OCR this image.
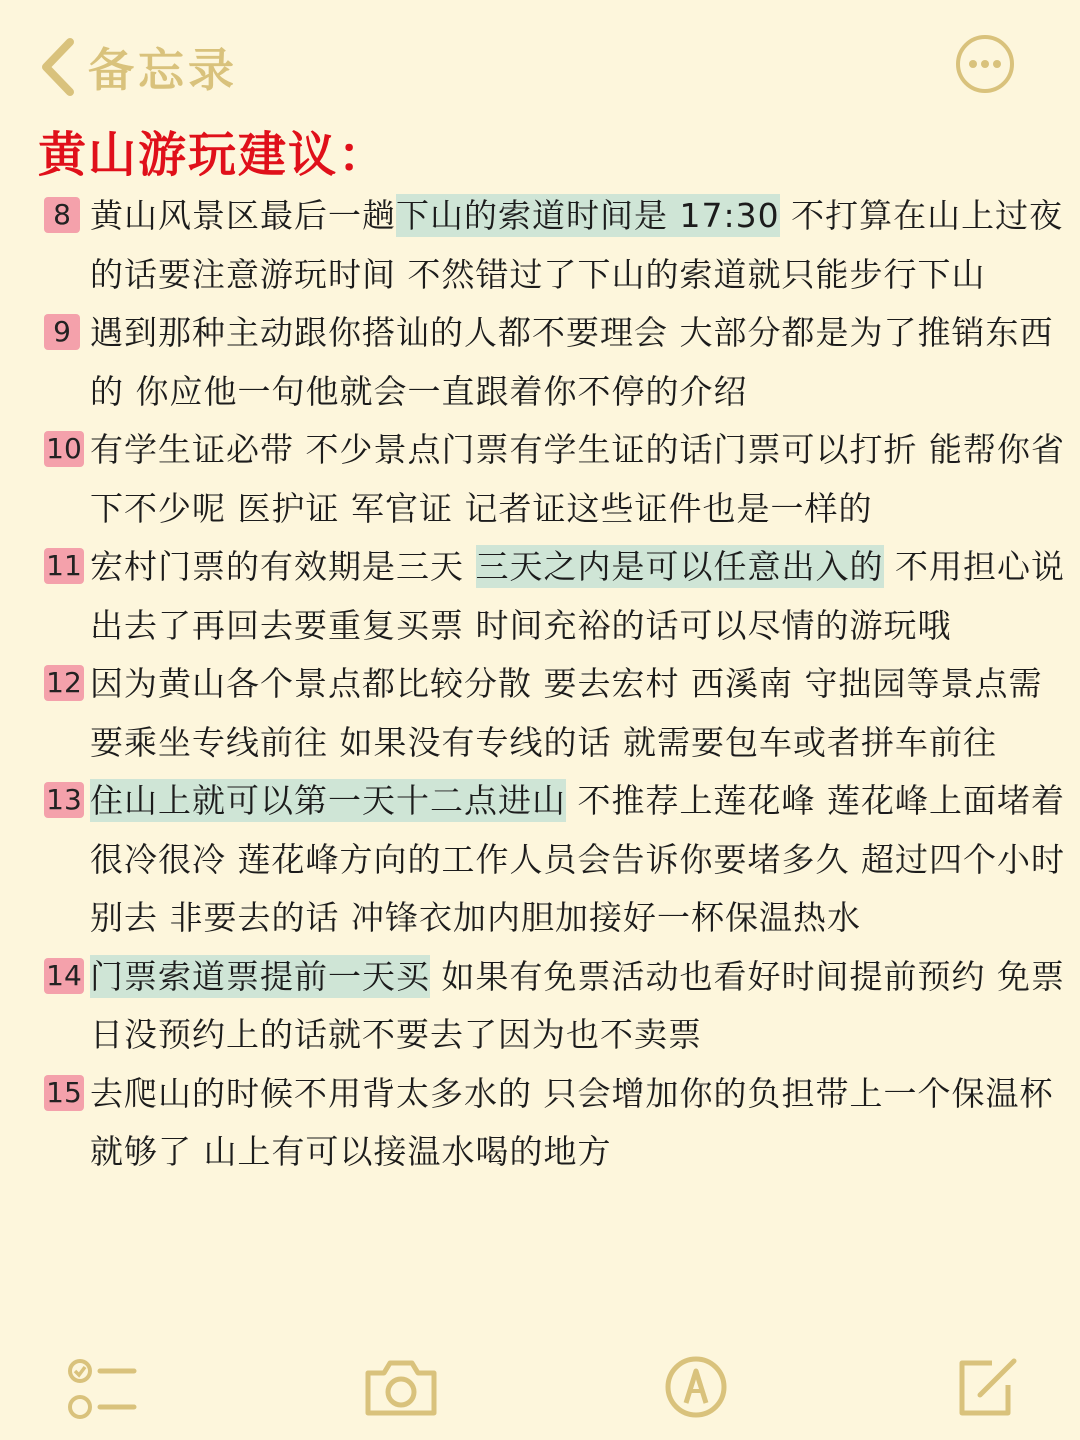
备忘录
黄山游玩建议：
8 黄山风景区最后一趟下山的索道时间是 17:30 不打算在山上过夜的话要注意游玩时间 不然错过了下山的索道就只能步行下山
9 遇到那种主动跟你搭讪的人都不要理会 大部分都是为了推销东西的 你应他一句他就会一直跟着你不停的介绍
10 有学生证必带 不少景点门票有学生证的话门票可以打折 能帮你省下不少呢 医护证 军官证 记者证这些证件也是一样的
11 宏村门票的有效期是三天 三天之内是可以任意出入的 不用担心说出去了再回去要重复买票 时间充裕的话可以尽情的游玩哦
12 因为黄山各个景点都比较分散 要去宏村 西溪南 守拙园等景点需要乘坐专线前往 如果没有专线的话 就需要包车或者拼车前往
13 住山上就可以第一天十二点进山 不推荐上莲花峰 莲花峰上面堵着很冷很冷 莲花峰方向的工作人员会告诉你要堵多久 超过四个小时别去 非要去的话 冲锋衣加内胆加接好一杯保温热水
14 门票索道票提前一天买 如果有免票活动也看好时间提前预约 免票日没预约上的话就不要去了因为也不卖票
15 去爬山的时候不用背太多水的 只会增加你的负担带上一个保温杯就够了 山上有可以接温水喝的地方
